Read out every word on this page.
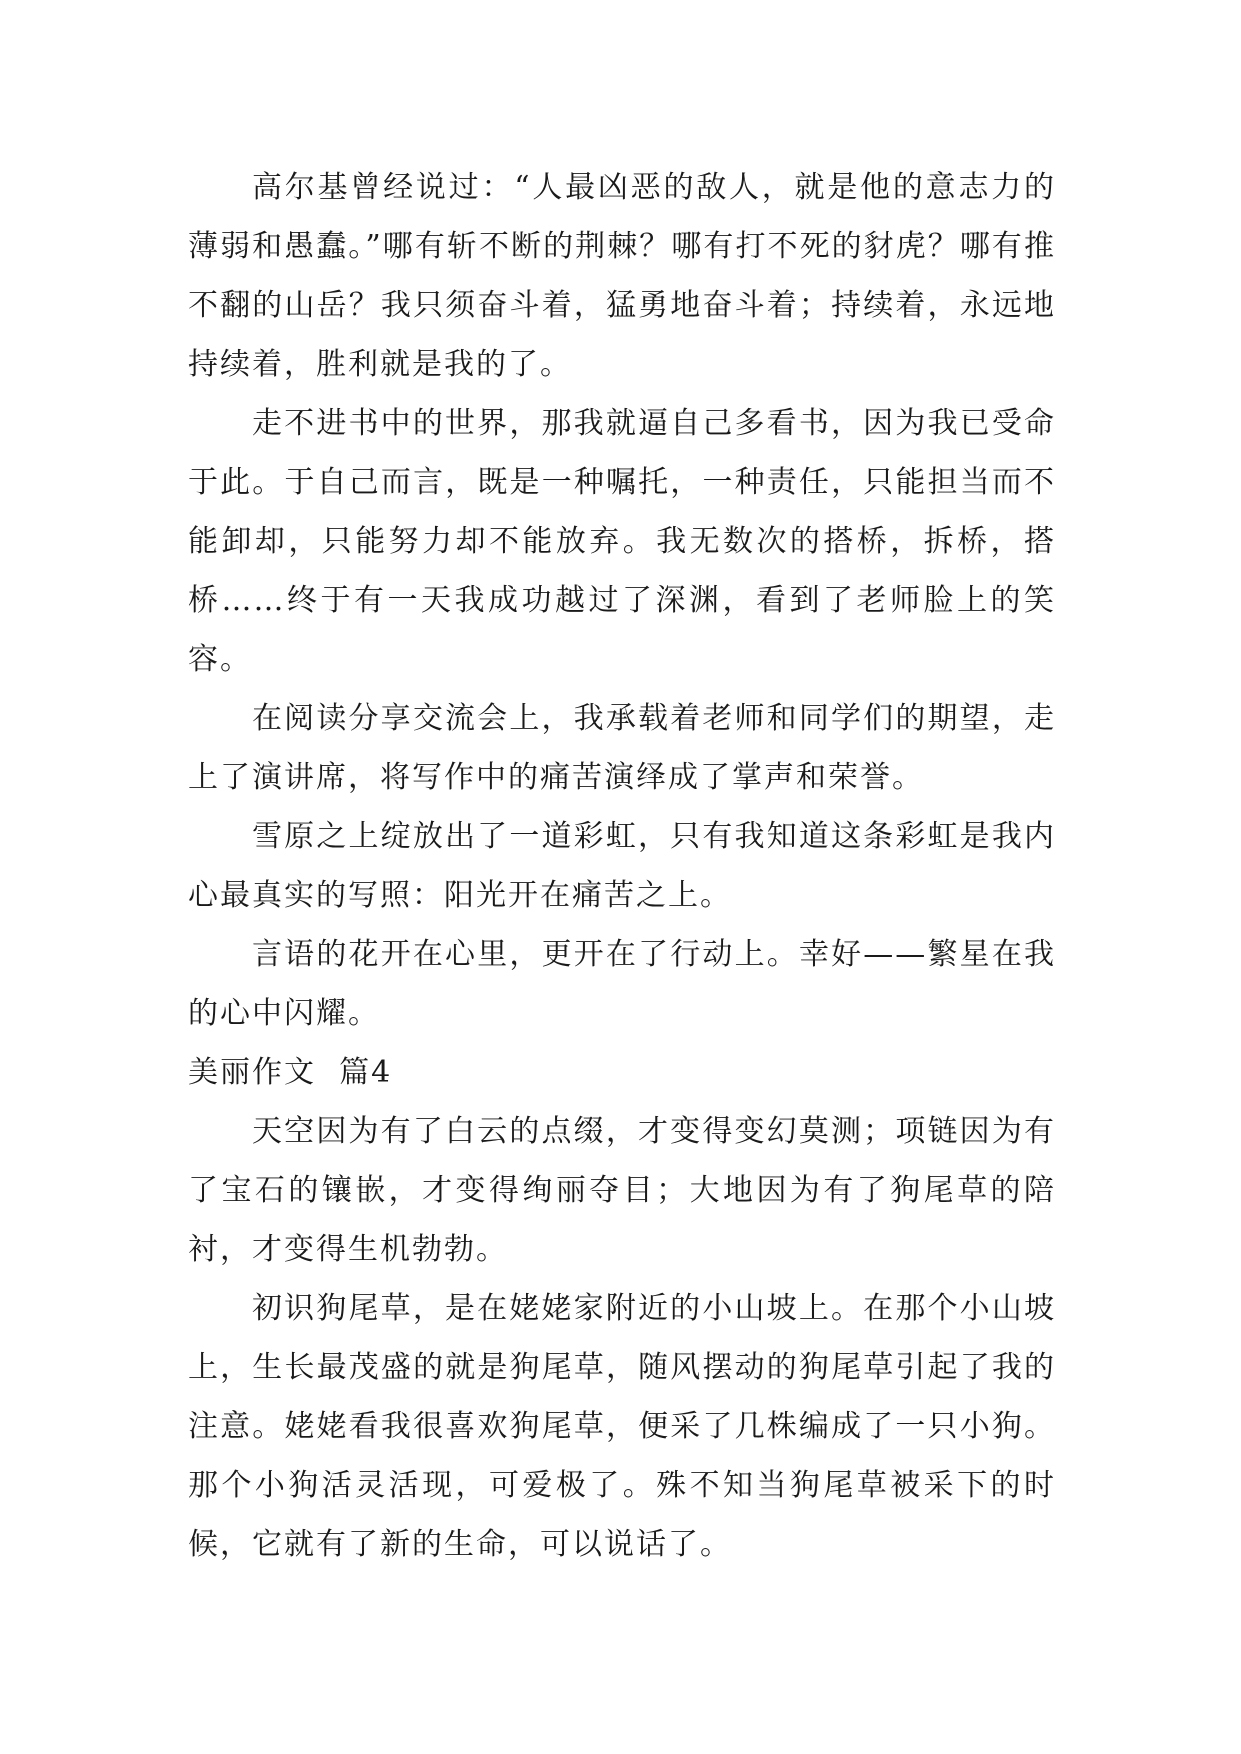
高尔基曾经说过：“人最凶恶的敌人，就是他的意志力的薄弱和愚蠢。”哪有斩不断的荆棘？哪有打不死的豺虎？哪有推不翻的山岳？我只须奋斗着，猛勇地奋斗着；持续着，永远地持续着，胜利就是我的了。

走不进书中的世界，那我就逼自己多看书，因为我已受命于此。于自己而言，既是一种嘱托，一种责任，只能担当而不能卸却，只能努力却不能放弃。我无数次的搭桥，拆桥，搭桥……终于有一天我成功越过了深渊，看到了老师脸上的笑容。

在阅读分享交流会上，我承载着老师和同学们的期望，走上了演讲席，将写作中的痛苦演绎成了掌声和荣誉。

雪原之上绽放出了一道彩虹，只有我知道这条彩虹是我内心最真实的写照：阳光开在痛苦之上。

言语的花开在心里，更开在了行动上。幸好——繁星在我的心中闪耀。

美丽作文  篇4

天空因为有了白云的点缀，才变得变幻莫测；项链因为有了宝石的镶嵌，才变得绚丽夺目；大地因为有了狗尾草的陪衬，才变得生机勃勃。

初识狗尾草，是在姥姥家附近的小山坡上。在那个小山坡上，生长最茂盛的就是狗尾草，随风摆动的狗尾草引起了我的注意。姥姥看我很喜欢狗尾草，便采了几株编成了一只小狗。那个小狗活灵活现，可爱极了。殊不知当狗尾草被采下的时候，它就有了新的生命，可以说话了。
